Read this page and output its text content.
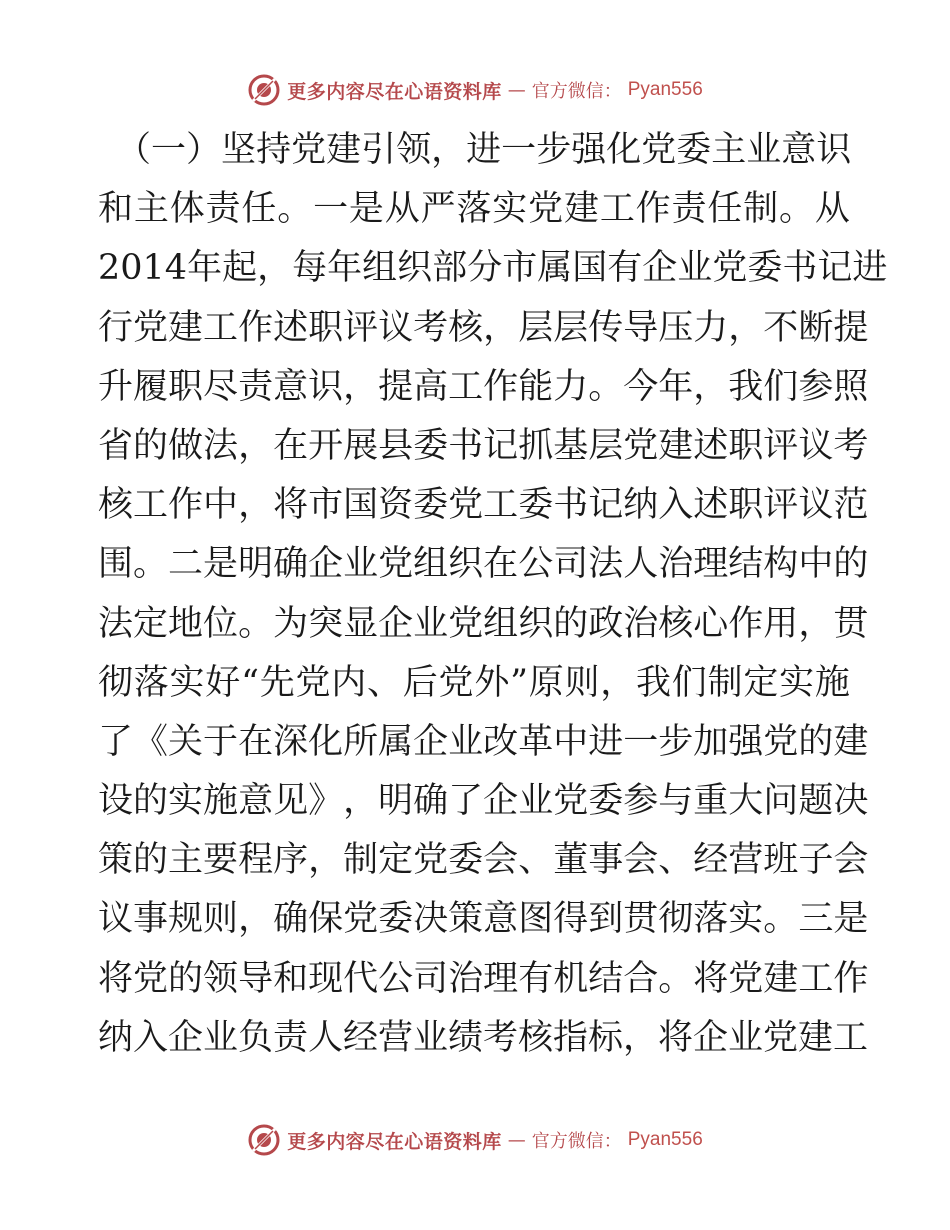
更多内容尽在心语资料库 — 官方微信： Pyan556
（ 一 ） 坚 持 党 建 引 领 ， 进 一 步 强 化 党 委 主 业 意 识
和 主 体 责 任 。 一 是 从 严 落 实 党 建 工 作 责 任 制 。 从
2014 年 起 ， 每 年 组 织 部 分 市 属 国 有 企 业 党 委 书 记 进
行 党 建 工 作 述 职 评 议 考 核 ， 层 层 传 导 压 力 ， 不 断 提
升 履 职 尽 责 意 识 ， 提 高 工 作 能 力 。 今 年 ， 我 们 参 照
省 的 做 法 ， 在 开 展 县 委 书 记 抓 基 层 党 建 述 职 评 议 考
核 工 作 中 ， 将 市 国 资 委 党 工 委 书 记 纳 入 述 职 评 议 范
围 。 二 是 明 确 企 业 党 组 织 在 公 司 法 人 治 理 结 构 中 的
法 定 地 位 。 为 突 显 企 业 党 组 织 的 政 治 核 心 作 用 ， 贯
彻 落 实 好 “ 先 党 内 、 后 党 外 ” 原 则 ， 我 们 制 定 实 施
了 《 关 于 在 深 化 所 属 企 业 改 革 中 进 一 步 加 强 党 的 建
设 的 实 施 意 见 》 ， 明 确 了 企 业 党 委 参 与 重 大 问 题 决
策 的 主 要 程 序 ， 制 定 党 委 会 、 董 事 会 、 经 营 班 子 会
议 事 规 则 ， 确 保 党 委 决 策 意 图 得 到 贯 彻 落 实 。 三 是
将 党 的 领 导 和 现 代 公 司 治 理 有 机 结 合 。 将 党 建 工 作
纳入企业负责人经营业绩考核指标，将企业党建工
更多内容尽在心语资料库 — 官方微信： Pyan556
